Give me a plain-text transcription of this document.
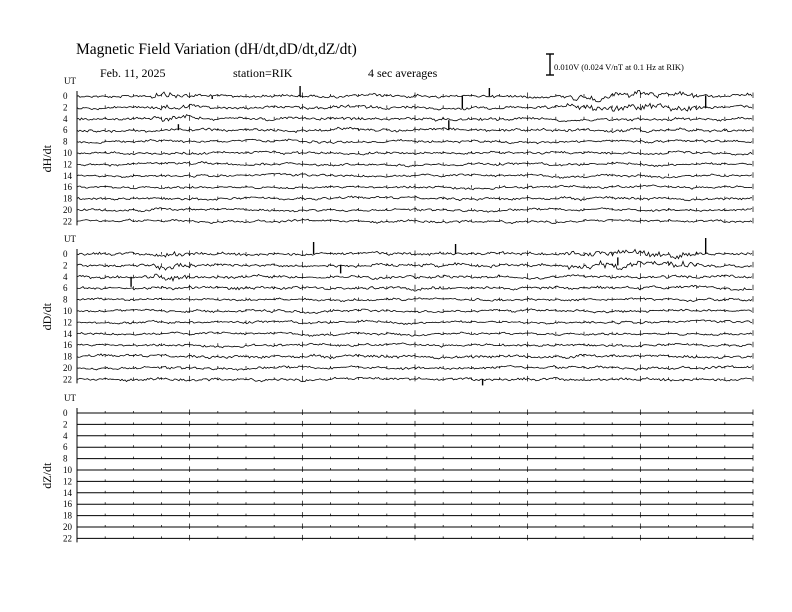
Magnetic Field Variation (dH/dt,dD/dt,dZ/dt)
Feb. 11, 2025	station=RIK	4 sec averages	0.010V (0.024 V/nT at 0.1 Hz at RIK)
UT
dH/dt
0
2
4
6
8
10
12
14
16
18
20
22
UT
dD/dt
0
2
4
6
8
10
12
14
16
18
20
22
UT
dZ/dt
0
2
4
6
8
10
12
14
16
18
20
22
